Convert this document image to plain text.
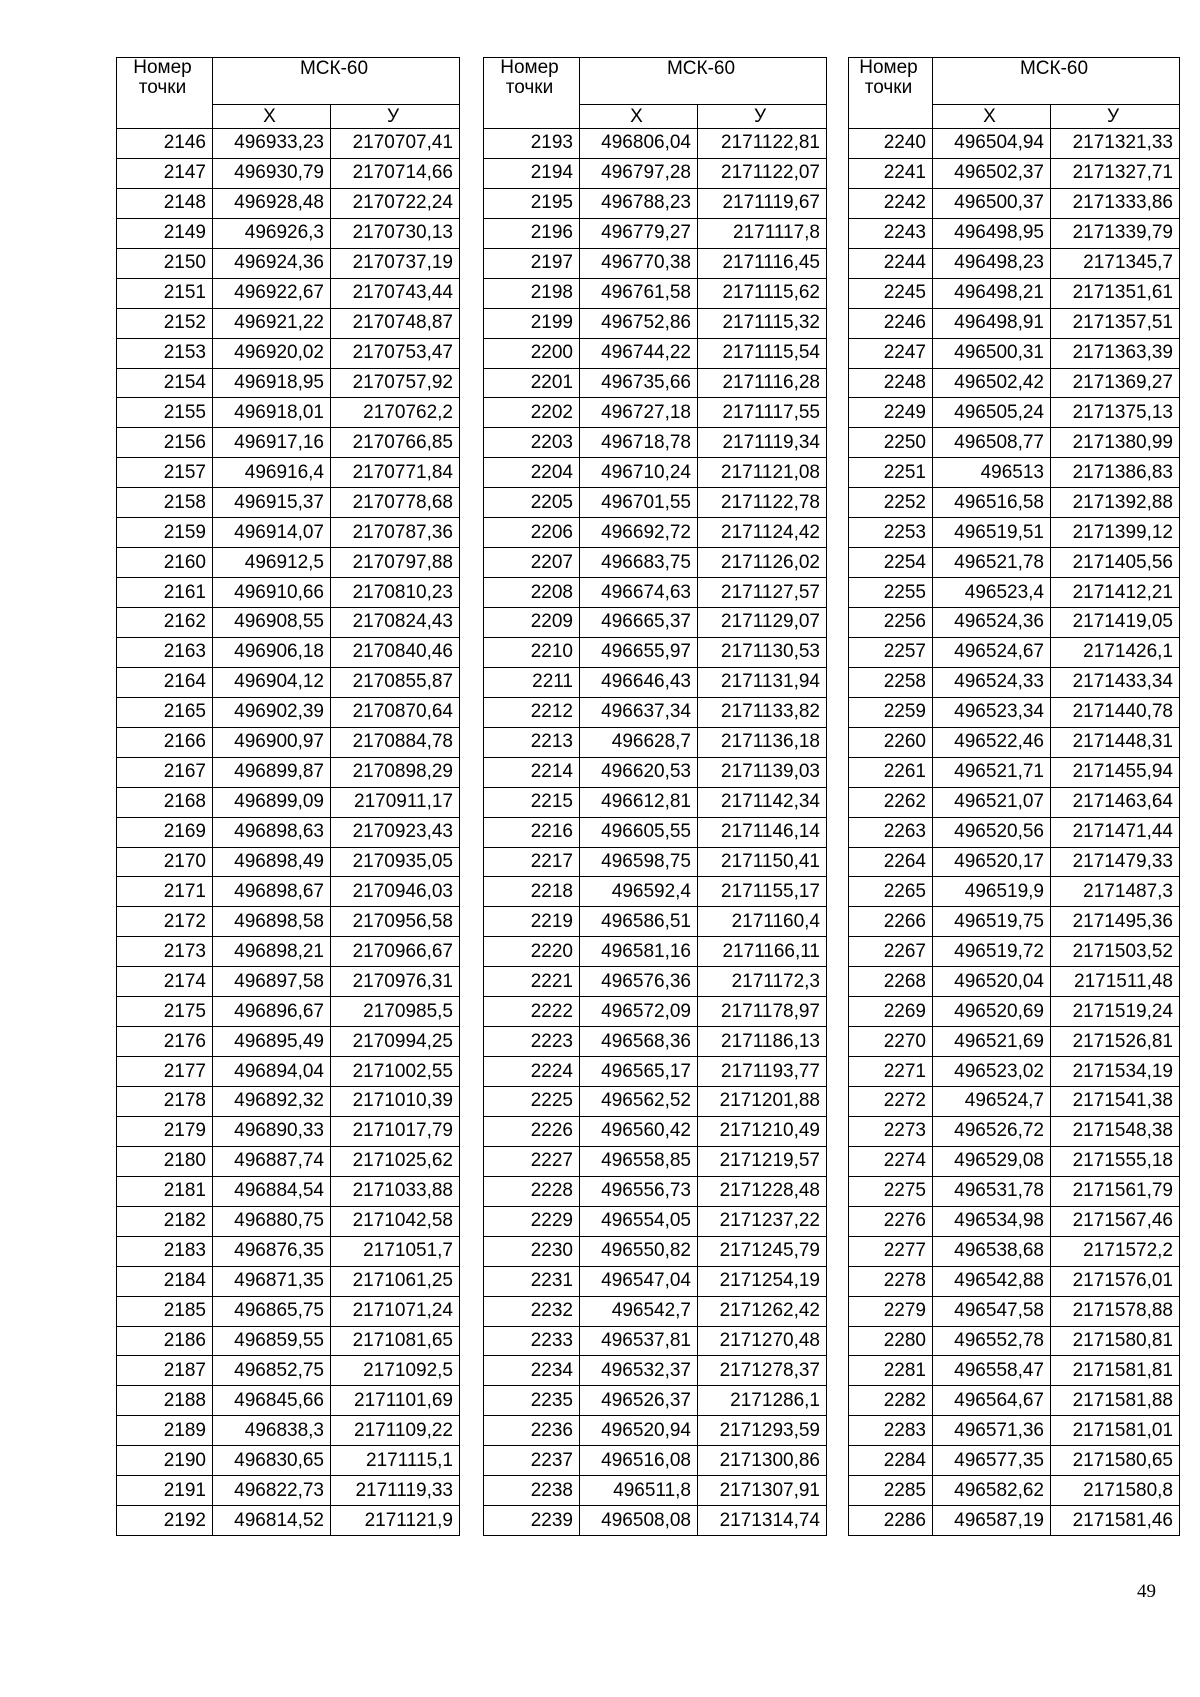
Номер точки	МСК-60	
	Х	У
2146	496933,23	2170707,41
2147	496930,79	2170714,66
2148	496928,48	2170722,24
2149	496926,3	2170730,13
2150	496924,36	2170737,19
2151	496922,67	2170743,44
2152	496921,22	2170748,87
2153	496920,02	2170753,47
2154	496918,95	2170757,92
2155	496918,01	2170762,2
2156	496917,16	2170766,85
2157	496916,4	2170771,84
2158	496915,37	2170778,68
2159	496914,07	2170787,36
2160	496912,5	2170797,88
2161	496910,66	2170810,23
2162	496908,55	2170824,43
2163	496906,18	2170840,46
2164	496904,12	2170855,87
2165	496902,39	2170870,64
2166	496900,97	2170884,78
2167	496899,87	2170898,29
2168	496899,09	2170911,17
2169	496898,63	2170923,43
2170	496898,49	2170935,05
2171	496898,67	2170946,03
2172	496898,58	2170956,58
2173	496898,21	2170966,67
2174	496897,58	2170976,31
2175	496896,67	2170985,5
2176	496895,49	2170994,25
2177	496894,04	2171002,55
2178	496892,32	2171010,39
2179	496890,33	2171017,79
2180	496887,74	2171025,62
2181	496884,54	2171033,88
2182	496880,75	2171042,58
2183	496876,35	2171051,7
2184	496871,35	2171061,25
2185	496865,75	2171071,24
2186	496859,55	2171081,65
2187	496852,75	2171092,5
2188	496845,66	2171101,69
2189	496838,3	2171109,22
2190	496830,65	2171115,1
2191	496822,73	2171119,33
2192	496814,52	2171121,9
Номер точки	МСК-60	
	Х	У
2193	496806,04	2171122,81
2194	496797,28	2171122,07
2195	496788,23	2171119,67
2196	496779,27	2171117,8
2197	496770,38	2171116,45
2198	496761,58	2171115,62
2199	496752,86	2171115,32
2200	496744,22	2171115,54
2201	496735,66	2171116,28
2202	496727,18	2171117,55
2203	496718,78	2171119,34
2204	496710,24	2171121,08
2205	496701,55	2171122,78
2206	496692,72	2171124,42
2207	496683,75	2171126,02
2208	496674,63	2171127,57
2209	496665,37	2171129,07
2210	496655,97	2171130,53
2211	496646,43	2171131,94
2212	496637,34	2171133,82
2213	496628,7	2171136,18
2214	496620,53	2171139,03
2215	496612,81	2171142,34
2216	496605,55	2171146,14
2217	496598,75	2171150,41
2218	496592,4	2171155,17
2219	496586,51	2171160,4
2220	496581,16	2171166,11
2221	496576,36	2171172,3
2222	496572,09	2171178,97
2223	496568,36	2171186,13
2224	496565,17	2171193,77
2225	496562,52	2171201,88
2226	496560,42	2171210,49
2227	496558,85	2171219,57
2228	496556,73	2171228,48
2229	496554,05	2171237,22
2230	496550,82	2171245,79
2231	496547,04	2171254,19
2232	496542,7	2171262,42
2233	496537,81	2171270,48
2234	496532,37	2171278,37
2235	496526,37	2171286,1
2236	496520,94	2171293,59
2237	496516,08	2171300,86
2238	496511,8	2171307,91
2239	496508,08	2171314,74
Номер точки	МСК-60	
	Х	У
2240	496504,94	2171321,33
2241	496502,37	2171327,71
2242	496500,37	2171333,86
2243	496498,95	2171339,79
2244	496498,23	2171345,7
2245	496498,21	2171351,61
2246	496498,91	2171357,51
2247	496500,31	2171363,39
2248	496502,42	2171369,27
2249	496505,24	2171375,13
2250	496508,77	2171380,99
2251	496513	2171386,83
2252	496516,58	2171392,88
2253	496519,51	2171399,12
2254	496521,78	2171405,56
2255	496523,4	2171412,21
2256	496524,36	2171419,05
2257	496524,67	2171426,1
2258	496524,33	2171433,34
2259	496523,34	2171440,78
2260	496522,46	2171448,31
2261	496521,71	2171455,94
2262	496521,07	2171463,64
2263	496520,56	2171471,44
2264	496520,17	2171479,33
2265	496519,9	2171487,3
2266	496519,75	2171495,36
2267	496519,72	2171503,52
2268	496520,04	2171511,48
2269	496520,69	2171519,24
2270	496521,69	2171526,81
2271	496523,02	2171534,19
2272	496524,7	2171541,38
2273	496526,72	2171548,38
2274	496529,08	2171555,18
2275	496531,78	2171561,79
2276	496534,98	2171567,46
2277	496538,68	2171572,2
2278	496542,88	2171576,01
2279	496547,58	2171578,88
2280	496552,78	2171580,81
2281	496558,47	2171581,81
2282	496564,67	2171581,88
2283	496571,36	2171581,01
2284	496577,35	2171580,65
2285	496582,62	2171580,8
2286	496587,19	2171581,46
49
